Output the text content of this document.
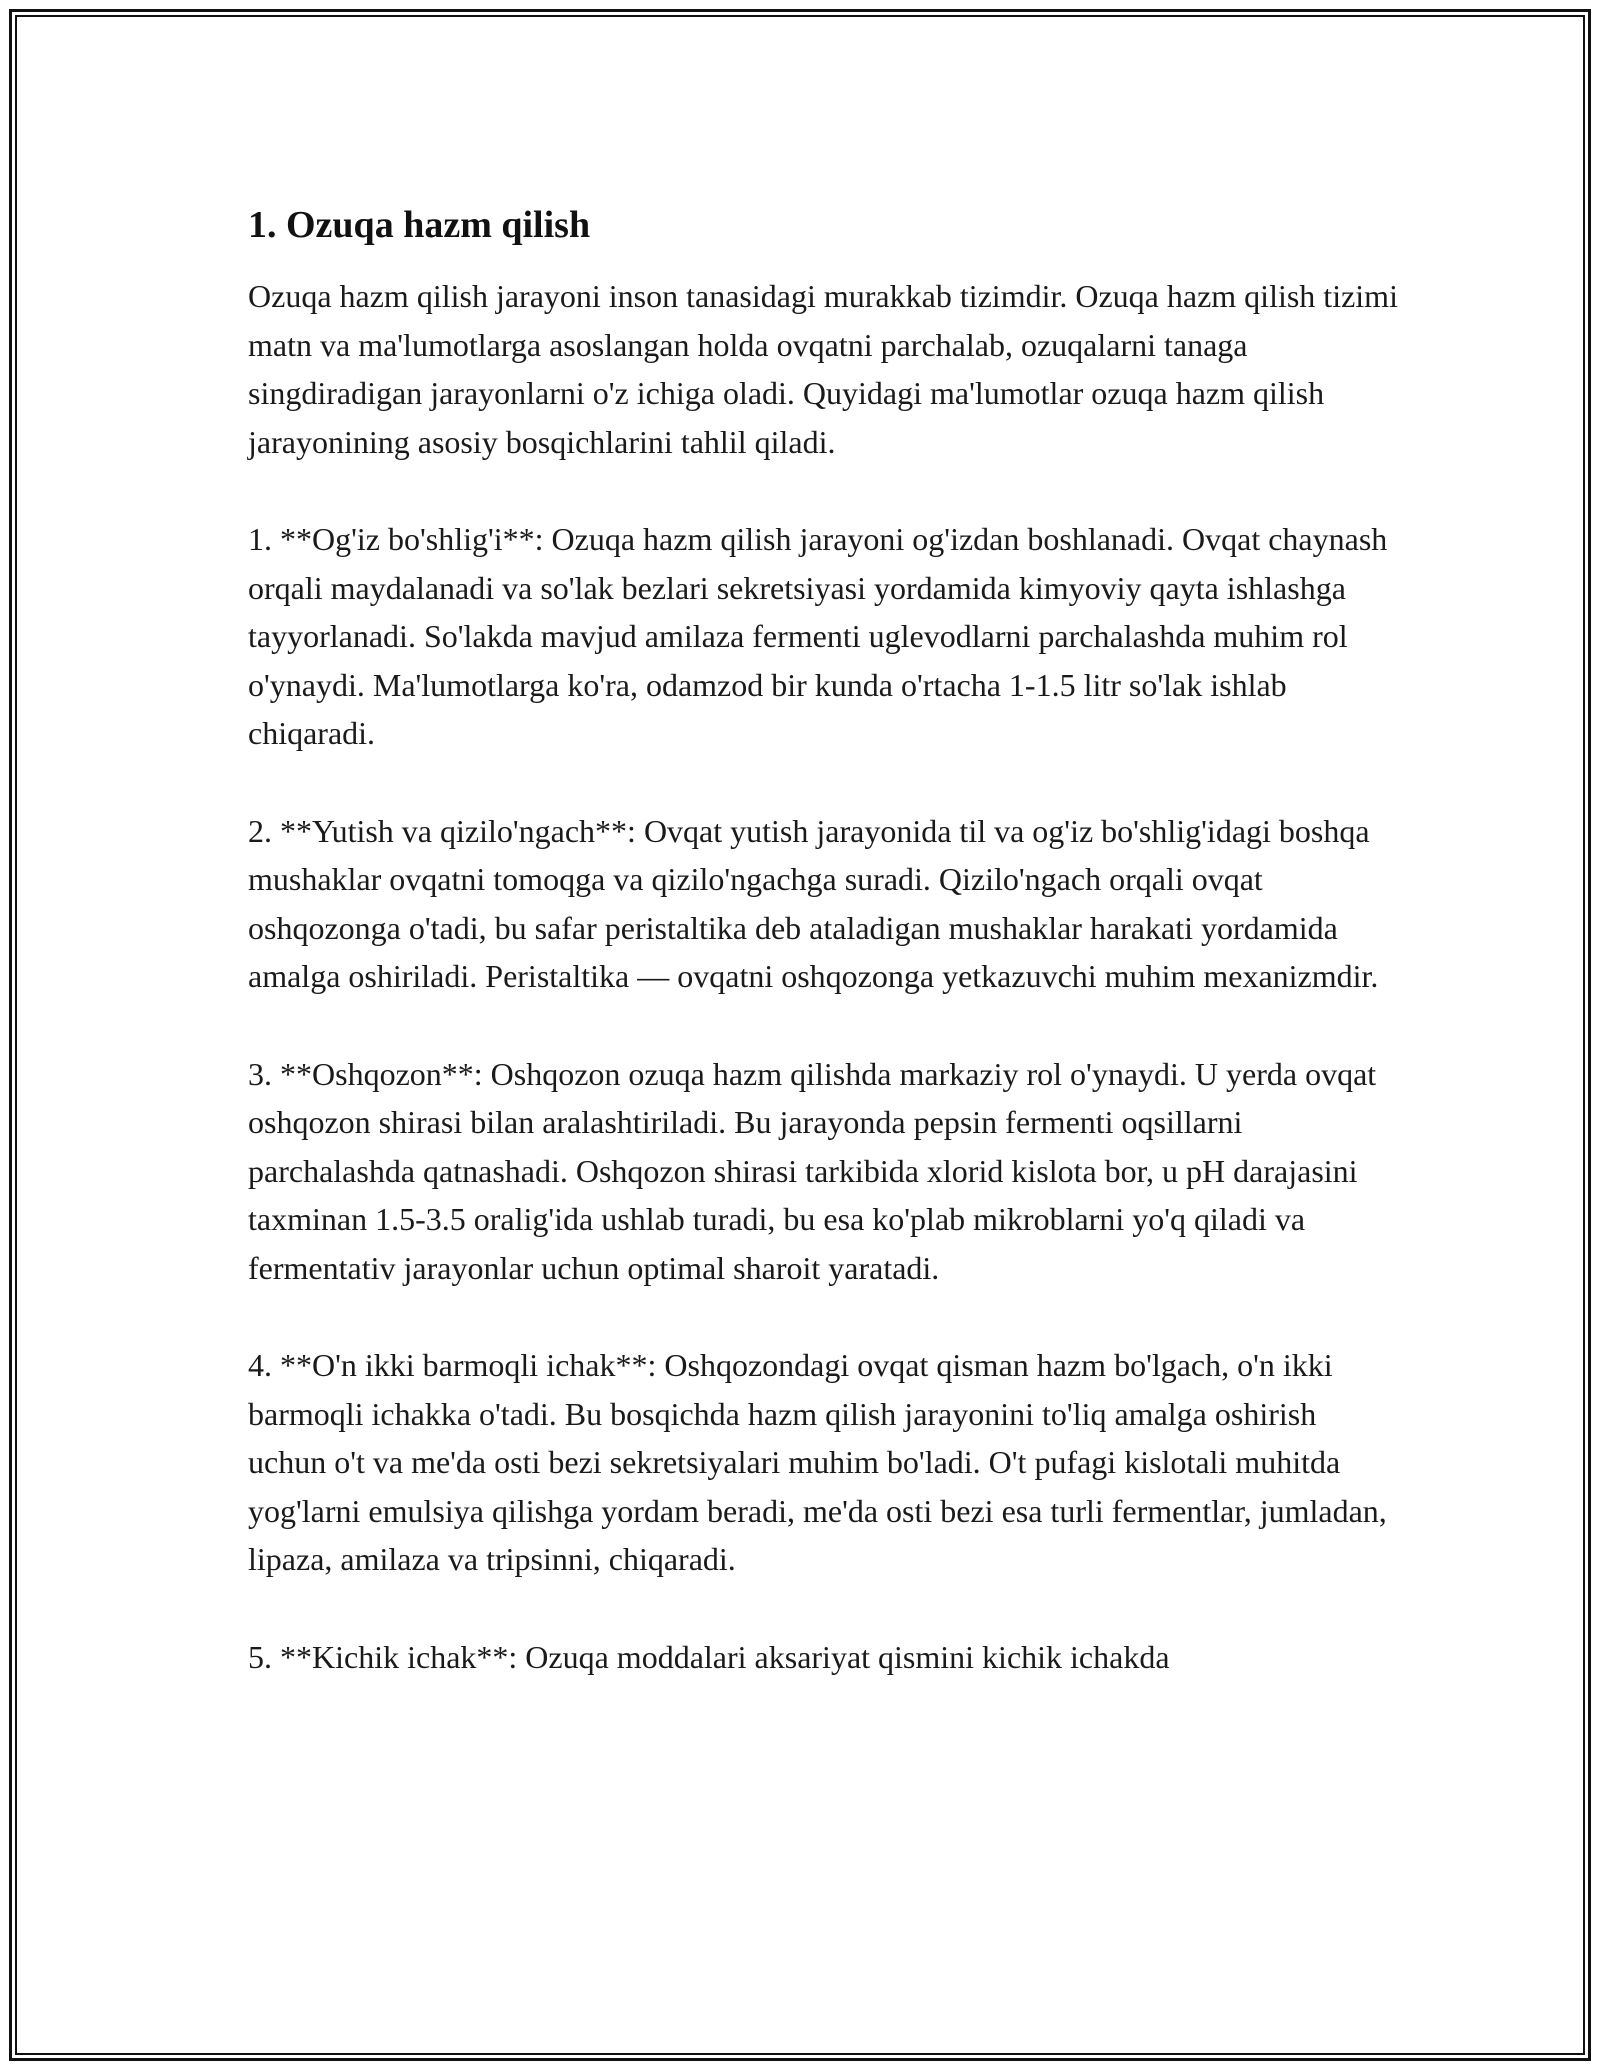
1. Ozuqa hazm qilish

Ozuqa hazm qilish jarayoni inson tanasidagi murakkab tizimdir. Ozuqa hazm qilish tizimi matn va ma'lumotlarga asoslangan holda ovqatni parchalab, ozuqalarni tanaga singdiradigan jarayonlarni o'z ichiga oladi. Quyidagi ma'lumotlar ozuqa hazm qilish jarayonining asosiy bosqichlarini tahlil qiladi.

1. **Og'iz bo'shlig'i**: Ozuqa hazm qilish jarayoni og'izdan boshlanadi. Ovqat chaynash orqali maydalanadi va so'lak bezlari sekretsiyasi yordamida kimyoviy qayta ishlashga tayyorlanadi. So'lakda mavjud amilaza fermenti uglevodlarni parchalashda muhim rol o'ynaydi. Ma'lumotlarga ko'ra, odamzod bir kunda o'rtacha 1-1.5 litr so'lak ishlab chiqaradi.

2. **Yutish va qizilo'ngach**: Ovqat yutish jarayonida til va og'iz bo'shlig'idagi boshqa mushaklar ovqatni tomoqga va qizilo'ngachga suradi. Qizilo'ngach orqali ovqat oshqozonga o'tadi, bu safar peristaltika deb ataladigan mushaklar harakati yordamida amalga oshiriladi. Peristaltika — ovqatni oshqozonga yetkazuvchi muhim mexanizmdir.

3. **Oshqozon**: Oshqozon ozuqa hazm qilishda markaziy rol o'ynaydi. U yerda ovqat oshqozon shirasi bilan aralashtiriladi. Bu jarayonda pepsin fermenti oqsillarni parchalashda qatnashadi. Oshqozon shirasi tarkibida xlorid kislota bor, u pH darajasini taxminan 1.5-3.5 oralig'ida ushlab turadi, bu esa ko'plab mikroblarni yo'q qiladi va fermentativ jarayonlar uchun optimal sharoit yaratadi.

4. **O'n ikki barmoqli ichak**: Oshqozondagi ovqat qisman hazm bo'lgach, o'n ikki barmoqli ichakka o'tadi. Bu bosqichda hazm qilish jarayonini to'liq amalga oshirish uchun o't va me'da osti bezi sekretsiyalari muhim bo'ladi. O't pufagi kislotali muhitda yog'larni emulsiya qilishga yordam beradi, me'da osti bezi esa turli fermentlar, jumladan, lipaza, amilaza va tripsinni, chiqaradi.

5. **Kichik ichak**: Ozuqa moddalari aksariyat qismini kichik ichakda
